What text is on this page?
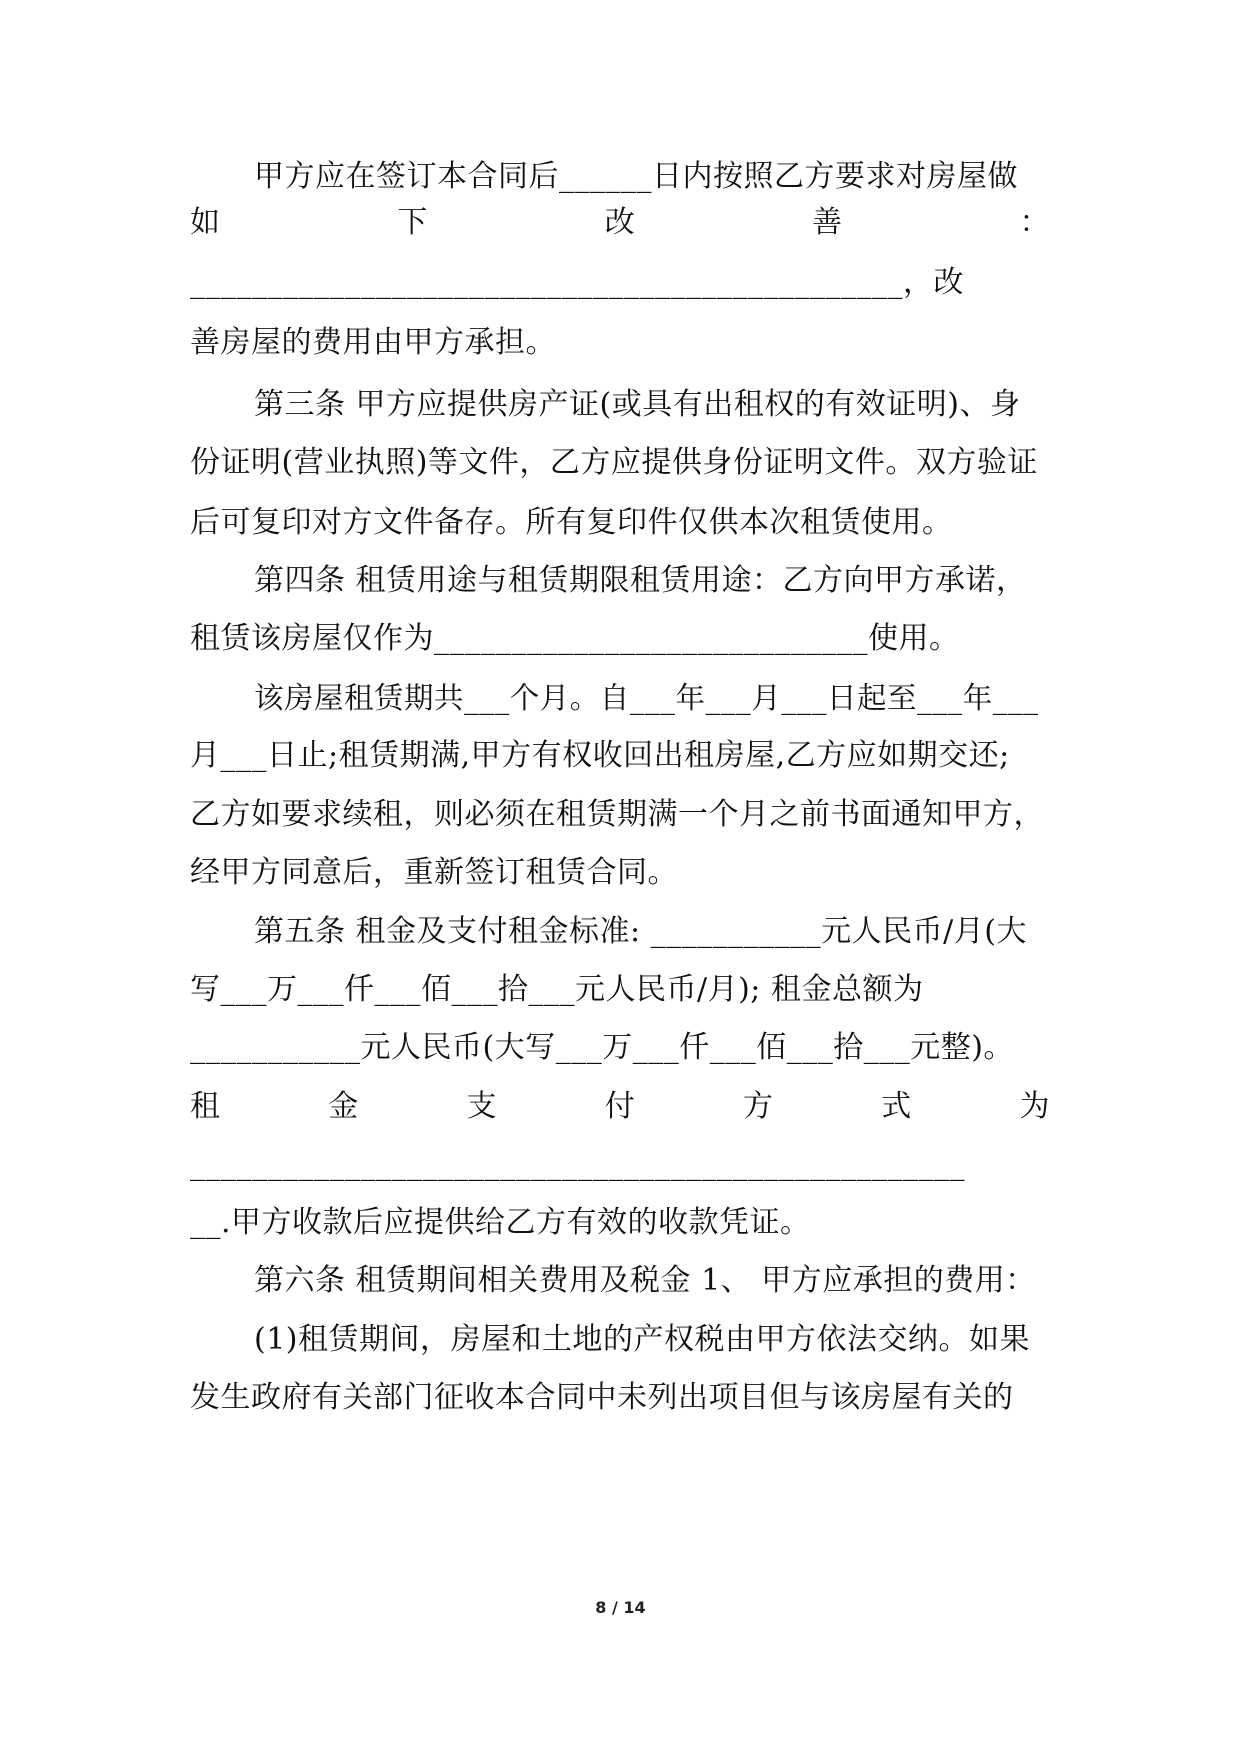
甲方应在签订本合同后______日内按照乙方要求对房屋做
如	下	改	善	：
______________________________________________，改
善房屋的费用由甲方承担。
第三条 甲方应提供房产证(或具有出租权的有效证明)、身
份证明(营业执照)等文件，乙方应提供身份证明文件。双方验证
后可复印对方文件备存。所有复印件仅供本次租赁使用。
第四条 租赁用途与租赁期限租赁用途：乙方向甲方承诺，
租赁该房屋仅作为____________________________使用。
该房屋租赁期共___个月。自___年___月___日起至___年___
月___日止;租赁期满,甲方有权收回出租房屋,乙方应如期交还;
乙方如要求续租，则必须在租赁期满一个月之前书面通知甲方，
经甲方同意后，重新签订租赁合同。
第五条 租金及支付租金标准: ___________元人民币/月(大
写___万___仟___佰___拾___元人民币/月); 租金总额为
___________元人民币(大写___万___仟___佰___拾___元整)。
租	金	支	付	方	式	为
__________________________________________________
__.甲方收款后应提供给乙方有效的收款凭证。
第六条 租赁期间相关费用及税金 1、 甲方应承担的费用：
(1)租赁期间，房屋和土地的产权税由甲方依法交纳。如果
发生政府有关部门征收本合同中未列出项目但与该房屋有关的
8 / 14
